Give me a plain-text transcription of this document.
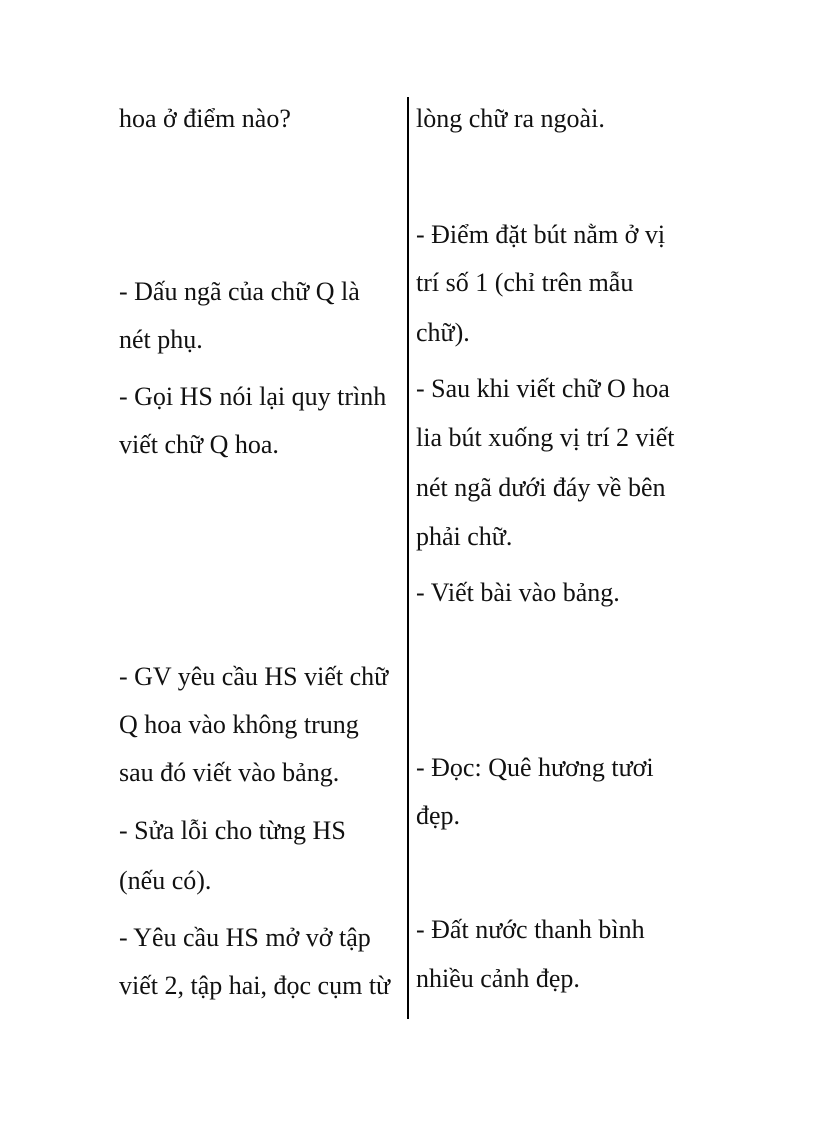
hoa ở điểm nào?
- Dấu ngã của chữ Q là
nét phụ.
- Gọi HS nói lại quy trình
viết chữ Q hoa.
- GV yêu cầu HS viết chữ
Q hoa vào không trung
sau đó viết vào bảng.
- Sửa lỗi cho từng HS
(nếu có).
- Yêu cầu HS mở vở tập
viết 2, tập hai, đọc cụm từ
lòng chữ ra ngoài.
- Điểm đặt bút nằm ở vị
trí số 1 (chỉ trên mẫu
chữ).
- Sau khi viết chữ O hoa
lia bút xuống vị trí 2 viết
nét ngã dưới đáy về bên
phải chữ.
- Viết bài vào bảng.
- Đọc: Quê hương tươi
đẹp.
- Đất nước thanh bình
nhiều cảnh đẹp.
